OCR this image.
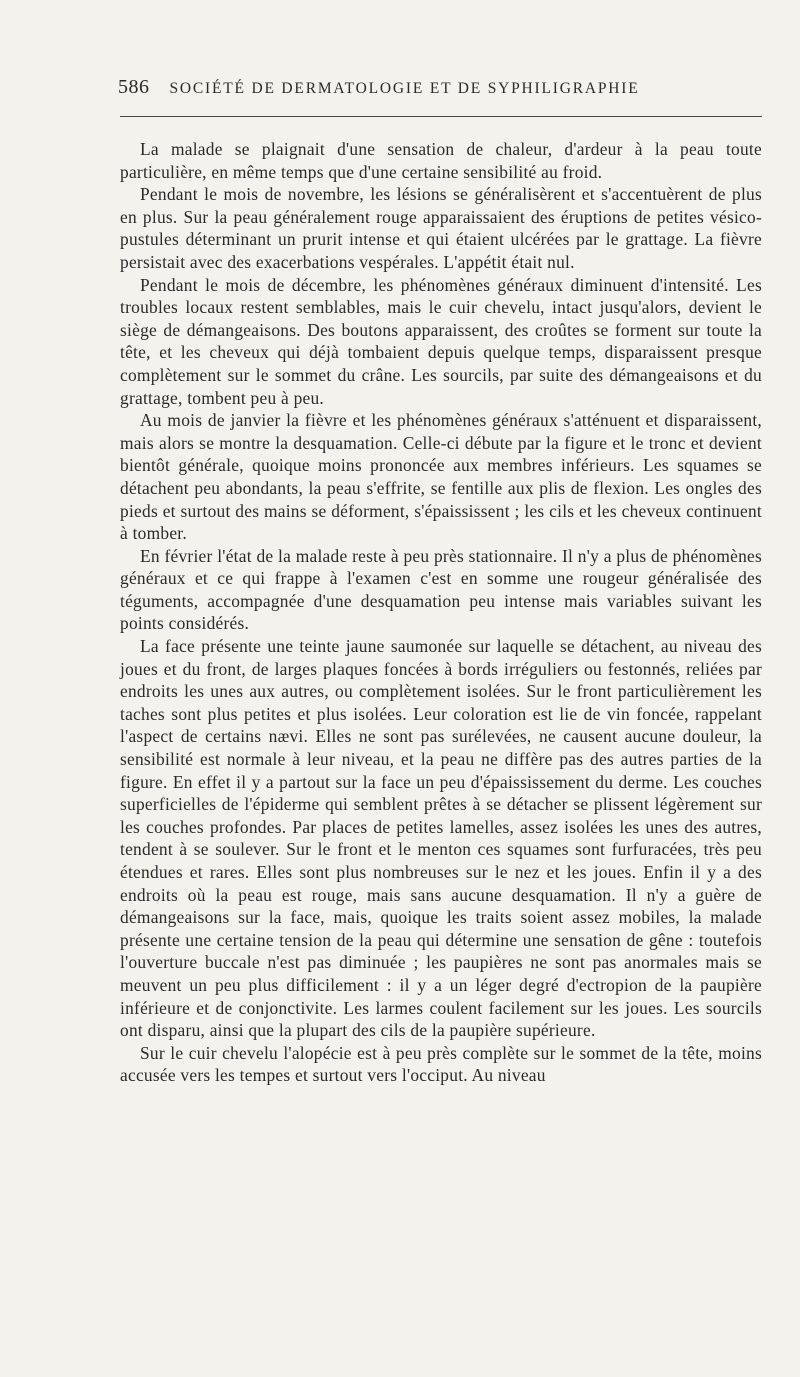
586 SOCIÉTÉ DE DERMATOLOGIE ET DE SYPHILIGRAPHIE

La malade se plaignait d'une sensation de chaleur, d'ardeur à la peau toute particulière, en même temps que d'une certaine sensibilité au froid.

Pendant le mois de novembre, les lésions se généralisèrent et s'accentuèrent de plus en plus. Sur la peau généralement rouge apparaissaient des éruptions de petites vésico-pustules déterminant un prurit intense et qui étaient ulcérées par le grattage. La fièvre persistait avec des exacerbations vespérales. L'appétit était nul.

Pendant le mois de décembre, les phénomènes généraux diminuent d'intensité. Les troubles locaux restent semblables, mais le cuir chevelu, intact jusqu'alors, devient le siège de démangeaisons. Des boutons apparaissent, des croûtes se forment sur toute la tête, et les cheveux qui déjà tombaient depuis quelque temps, disparaissent presque complètement sur le sommet du crâne. Les sourcils, par suite des démangeaisons et du grattage, tombent peu à peu.

Au mois de janvier la fièvre et les phénomènes généraux s'atténuent et disparaissent, mais alors se montre la desquamation. Celle-ci débute par la figure et le tronc et devient bientôt générale, quoique moins prononcée aux membres inférieurs. Les squames se détachent peu abondants, la peau s'effrite, se fentille aux plis de flexion. Les ongles des pieds et surtout des mains se déforment, s'épaississent ; les cils et les cheveux continuent à tomber.

En février l'état de la malade reste à peu près stationnaire. Il n'y a plus de phénomènes généraux et ce qui frappe à l'examen c'est en somme une rougeur généralisée des téguments, accompagnée d'une desquamation peu intense mais variables suivant les points considérés.

La face présente une teinte jaune saumonée sur laquelle se détachent, au niveau des joues et du front, de larges plaques foncées à bords irréguliers ou festonnés, reliées par endroits les unes aux autres, ou complètement isolées. Sur le front particulièrement les taches sont plus petites et plus isolées. Leur coloration est lie de vin foncée, rappelant l'aspect de certains nævi. Elles ne sont pas surélevées, ne causent aucune douleur, la sensibilité est normale à leur niveau, et la peau ne diffère pas des autres parties de la figure. En effet il y a partout sur la face un peu d'épaississement du derme. Les couches superficielles de l'épiderme qui semblent prêtes à se détacher se plissent légèrement sur les couches profondes. Par places de petites lamelles, assez isolées les unes des autres, tendent à se soulever. Sur le front et le menton ces squames sont furfuracées, très peu étendues et rares. Elles sont plus nombreuses sur le nez et les joues. Enfin il y a des endroits où la peau est rouge, mais sans aucune desquamation. Il n'y a guère de démangeaisons sur la face, mais, quoique les traits soient assez mobiles, la malade présente une certaine tension de la peau qui détermine une sensation de gêne : toutefois l'ouverture buccale n'est pas diminuée ; les paupières ne sont pas anormales mais se meuvent un peu plus difficilement : il y a un léger degré d'ectropion de la paupière inférieure et de conjonctivite. Les larmes coulent facilement sur les joues. Les sourcils ont disparu, ainsi que la plupart des cils de la paupière supérieure.

Sur le cuir chevelu l'alopécie est à peu près complète sur le sommet de la tête, moins accusée vers les tempes et surtout vers l'occiput. Au niveau
